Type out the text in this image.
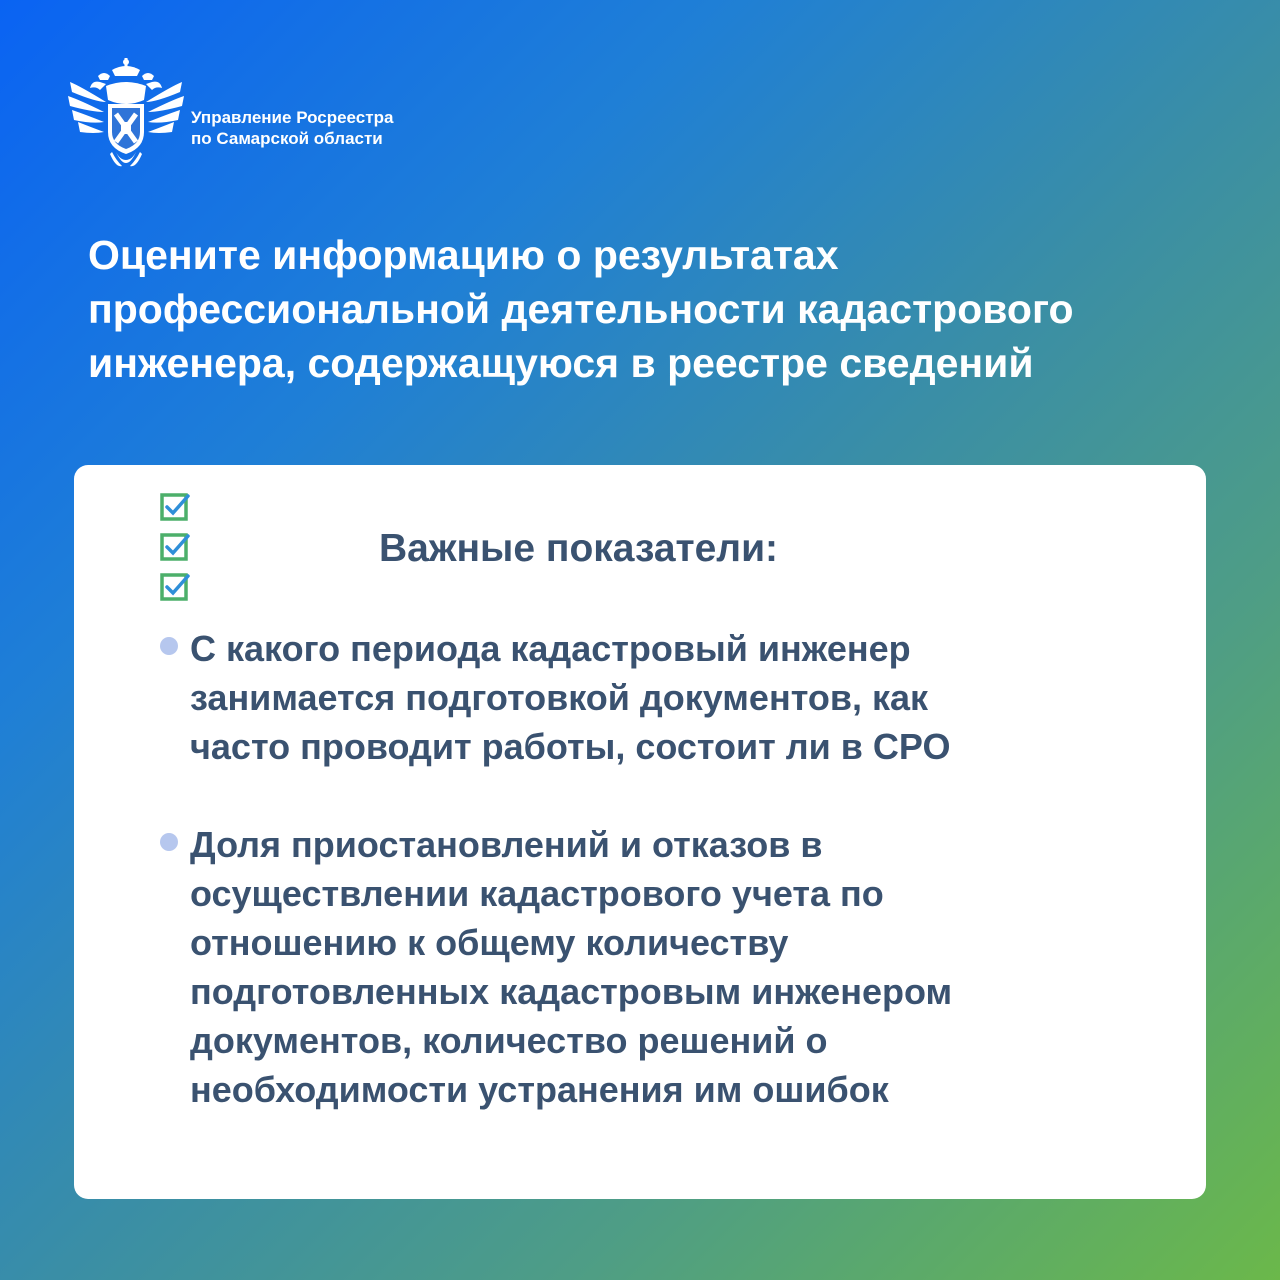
Управление Росреестра
по Самарской области
Оцените информацию о результатах
профессиональной деятельности кадастрового
инженера, содержащуюся в реестре сведений
Важные показатели:
С какого периода кадастровый инженер
занимается подготовкой документов, как
часто проводит работы, состоит ли в СРО
Доля приостановлений и отказов в
осуществлении кадастрового учета по
отношению к общему количеству
подготовленных кадастровым инженером
документов, количество решений о
необходимости устранения им ошибок
